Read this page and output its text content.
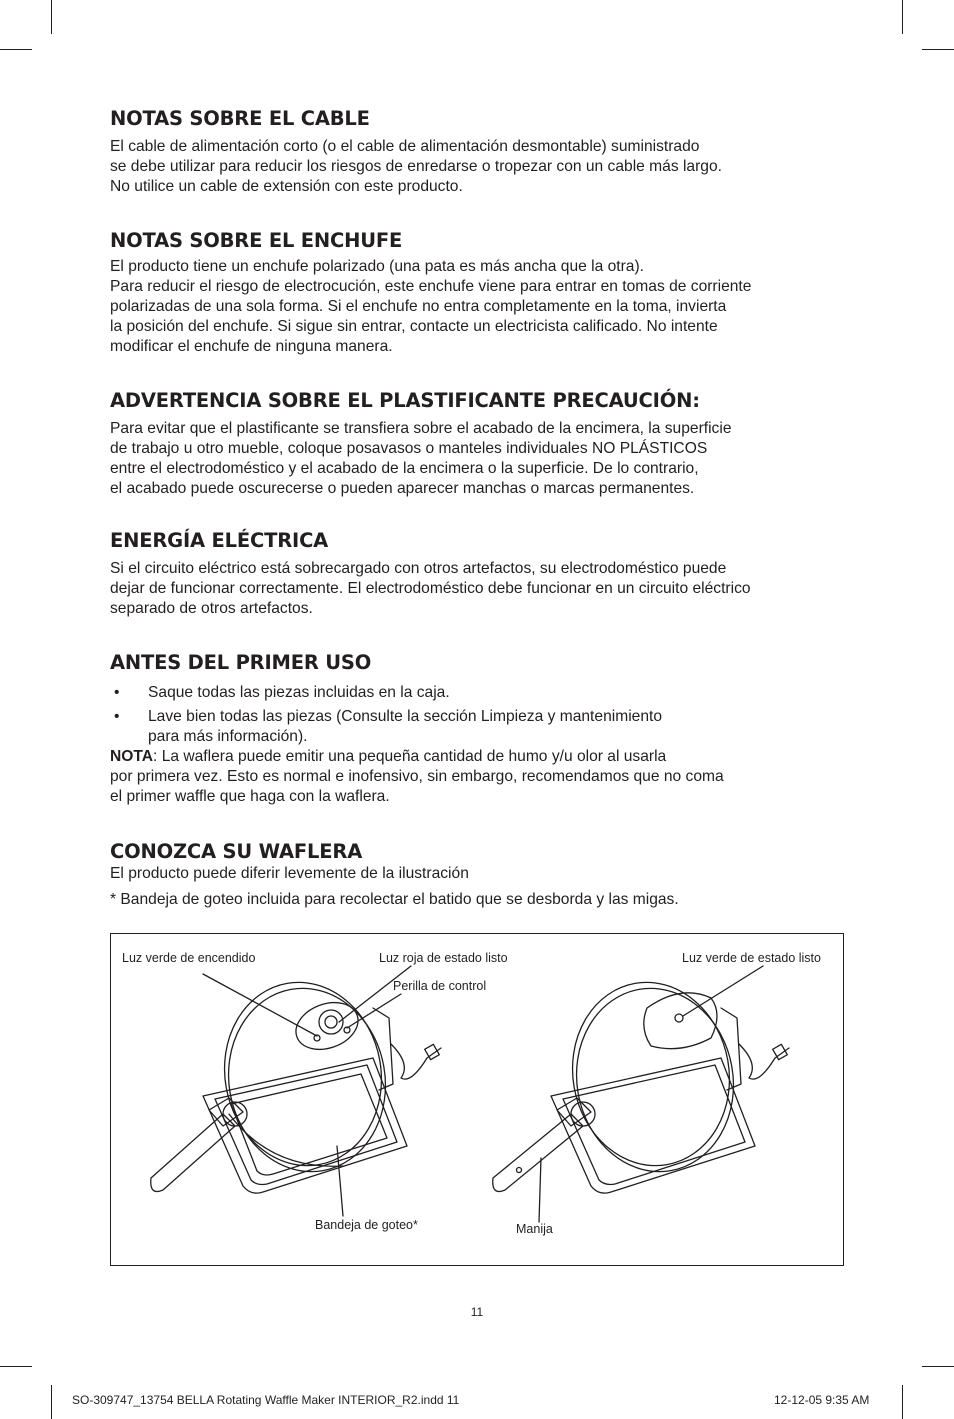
NOTAS SOBRE EL CABLE

El cable de alimentación corto (o el cable de alimentación desmontable) suministrado

se debe utilizar para reducir los riesgos de enredarse o tropezar con un cable más largo.

No utilice un cable de extensión con este producto.

NOTAS SOBRE EL ENCHUFE

El producto tiene un enchufe polarizado (una pata es más ancha que la otra).

Para reducir el riesgo de electrocución, este enchufe viene para entrar en tomas de corriente

polarizadas de una sola forma. Si el enchufe no entra completamente en la toma, invierta

la posición del enchufe. Si sigue sin entrar, contacte un electricista calificado. No intente

modificar el enchufe de ninguna manera.

ADVERTENCIA SOBRE EL PLASTIFICANTE PRECAUCIÓN:

Para evitar que el plastificante se transfiera sobre el acabado de la encimera, la superficie

de trabajo u otro mueble, coloque posavasos o manteles individuales NO PLÁSTICOS

entre el electrodoméstico y el acabado de la encimera o la superficie. De lo contrario,

el acabado puede oscurecerse o pueden aparecer manchas o marcas permanentes.

ENERGÍA ELÉCTRICA

Si el circuito eléctrico está sobrecargado con otros artefactos, su electrodoméstico puede

dejar de funcionar correctamente. El electrodoméstico debe funcionar en un circuito eléctrico

separado de otros artefactos.

ANTES DEL PRIMER USO
• Saque todas las piezas incluidas en la caja.
• Lave bien todas las piezas (Consulte la sección Limpieza y mantenimiento
para más información).

NOTA: La waflera puede emitir una pequeña cantidad de humo y/u olor al usarla

por primera vez. Esto es normal e inofensivo, sin embargo, recomendamos que no coma

el primer waffle que haga con la waflera.

CONOZCA SU WAFLERA

El producto puede diferir levemente de la ilustración

* Bandeja de goteo incluida para recolectar el batido que se desborda y las migas.

Luz verde de encendido	Luz roja de estado listo
Perilla de control
Luz verde de estado listo
Bandeja de goteo*	Manija
11
SO-309747_13754 BELLA Rotating Waffle Maker INTERIOR_R2.indd 11	12-12-05 9:35 AM
